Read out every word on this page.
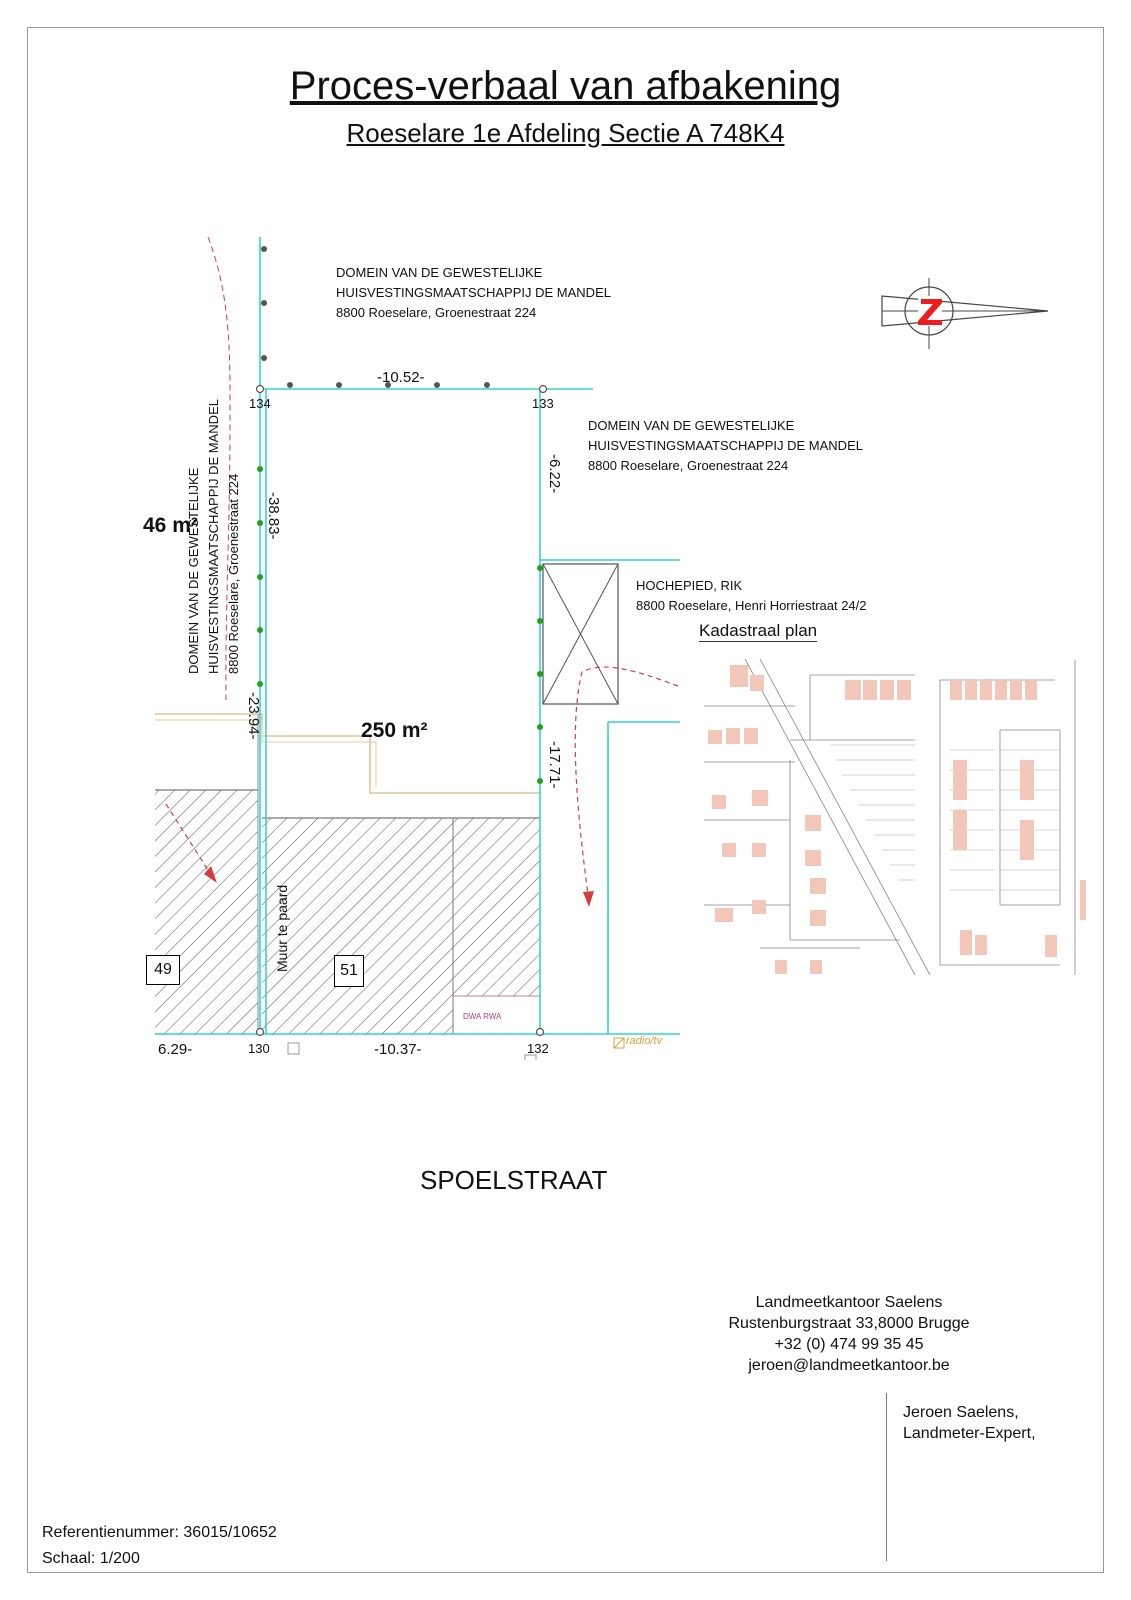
Proces-verbaal van afbakening
Roeselare 1e Afdeling Sectie A 748K4
DOMEIN VAN DE GEWESTELIJKE
HUISVESTINGSMAATSCHAPPIJ DE MANDEL
8800 Roeselare, Groenestraat 224
DOMEIN VAN DE GEWESTELIJKE
HUISVESTINGSMAATSCHAPPIJ DE MANDEL
8800 Roeselare, Groenestraat 224
HOCHEPIED, RIK
8800 Roeselare, Henri Horriestraat 24/2
DOMEIN VAN DE GEWESTELIJKE HUISVESTINGSMAATSCHAPPIJ DE MANDEL 8800 Roeselare, Groenestraat 224
-10.52-
-10.37-
6.29-
-38.83-
-23.94-
-6.22-
-17.71-
134	133
130	132
250 m²
46 m²
49	51
Muur te paard
DWA RWA
radio/tv
SPOELSTRAAT
Kadastraal plan
Landmeetkantoor Saelens
Rustenburgstraat 33,8000 Brugge
+32 (0) 474 99 35 45
jeroen@landmeetkantoor.be
Jeroen Saelens,
Landmeter-Expert,
Referentienummer: 36015/10652
Schaal: 1/200
